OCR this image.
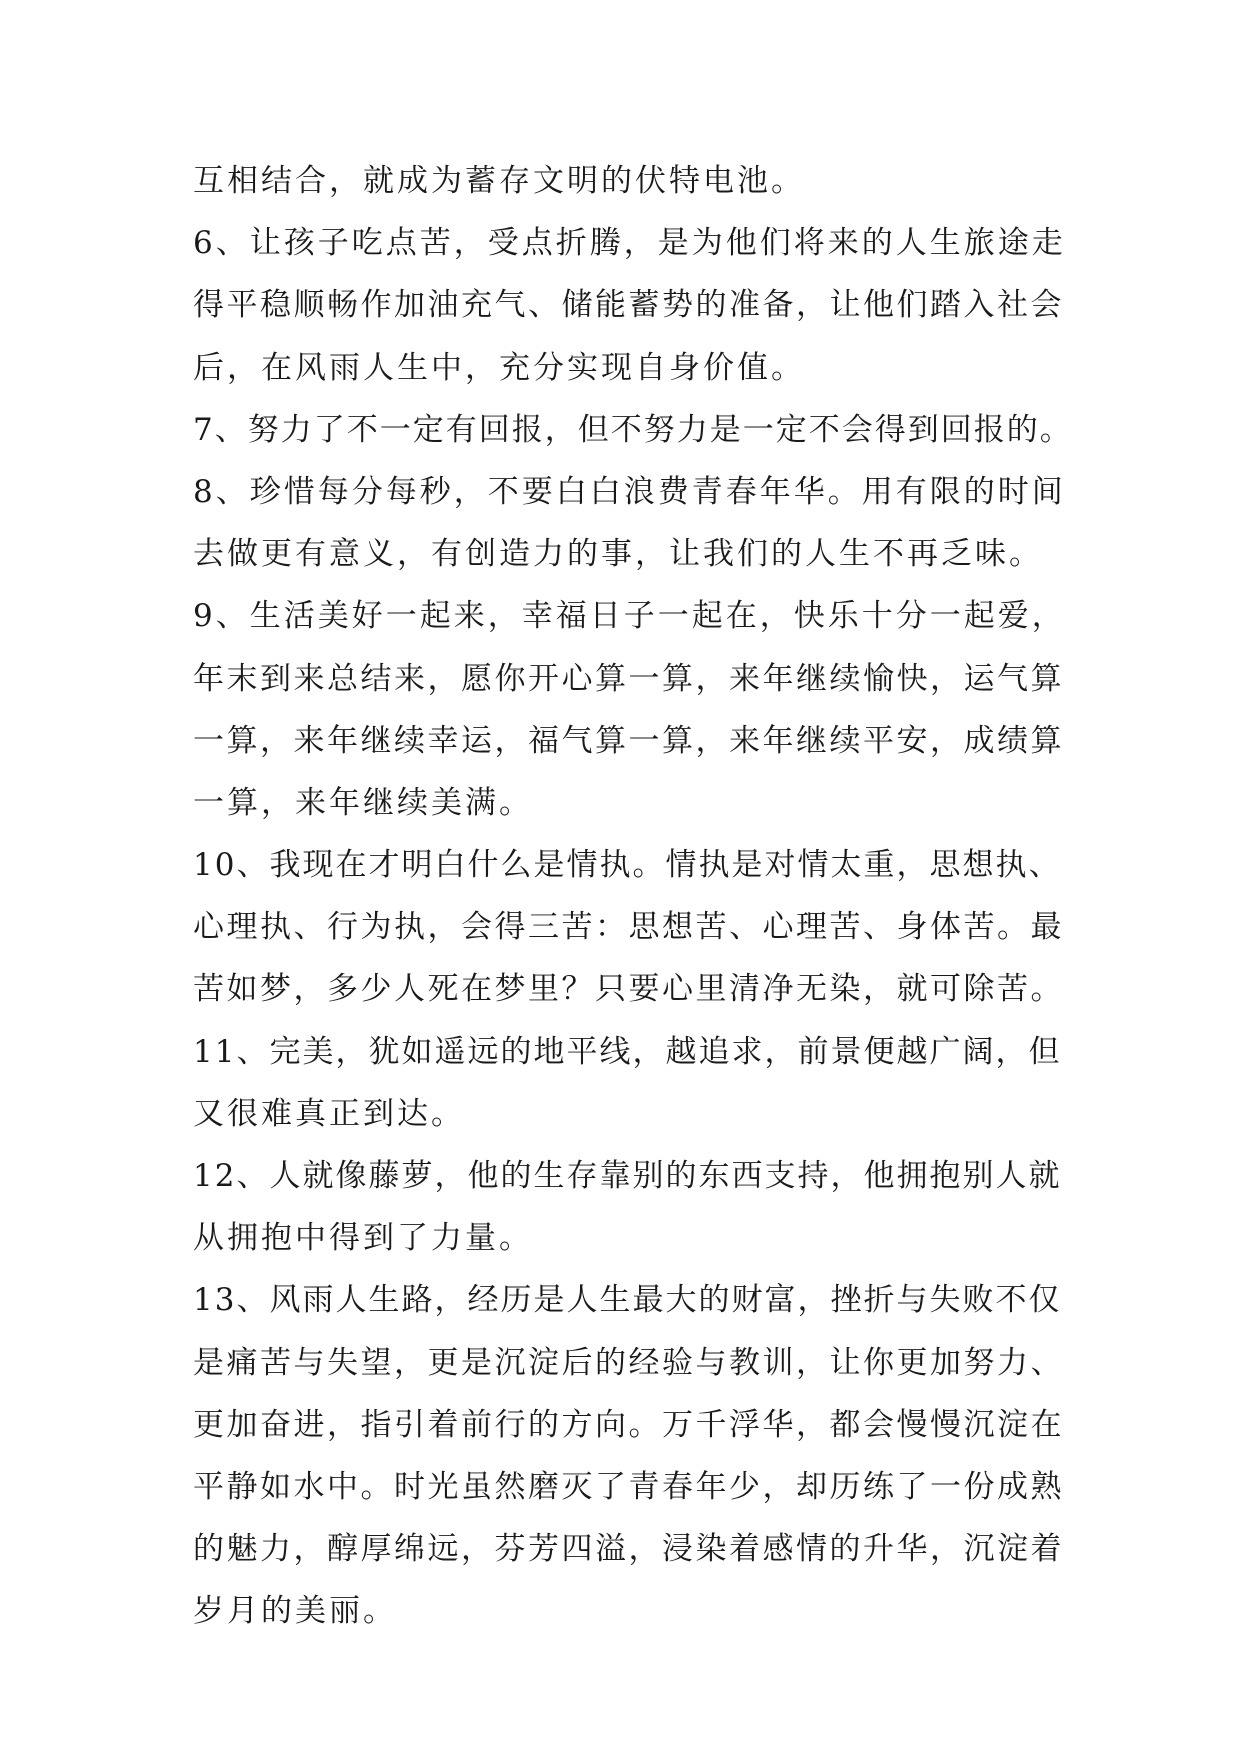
互相结合，就成为蓄存文明的伏特电池。
6、让孩子吃点苦，受点折腾，是为他们将来的人生旅途走
得平稳顺畅作加油充气、储能蓄势的准备，让他们踏入社会
后，在风雨人生中，充分实现自身价值。
7、努力了不一定有回报，但不努力是一定不会得到回报的。
8、珍惜每分每秒，不要白白浪费青春年华。用有限的时间
去做更有意义，有创造力的事，让我们的人生不再乏味。
9、生活美好一起来，幸福日子一起在，快乐十分一起爱，
年末到来总结来，愿你开心算一算，来年继续愉快，运气算
一算，来年继续幸运，福气算一算，来年继续平安，成绩算
一算，来年继续美满。
10、我现在才明白什么是情执。情执是对情太重，思想执、
心理执、行为执，会得三苦：思想苦、心理苦、身体苦。最
苦如梦，多少人死在梦里？只要心里清净无染，就可除苦。
11、完美，犹如遥远的地平线，越追求，前景便越广阔，但
又很难真正到达。
12、人就像藤萝，他的生存靠别的东西支持，他拥抱别人就
从拥抱中得到了力量。
13、风雨人生路，经历是人生最大的财富，挫折与失败不仅
是痛苦与失望，更是沉淀后的经验与教训，让你更加努力、
更加奋进，指引着前行的方向。万千浮华，都会慢慢沉淀在
平静如水中。时光虽然磨灭了青春年少，却历练了一份成熟
的魅力，醇厚绵远，芬芳四溢，浸染着感情的升华，沉淀着
岁月的美丽。
